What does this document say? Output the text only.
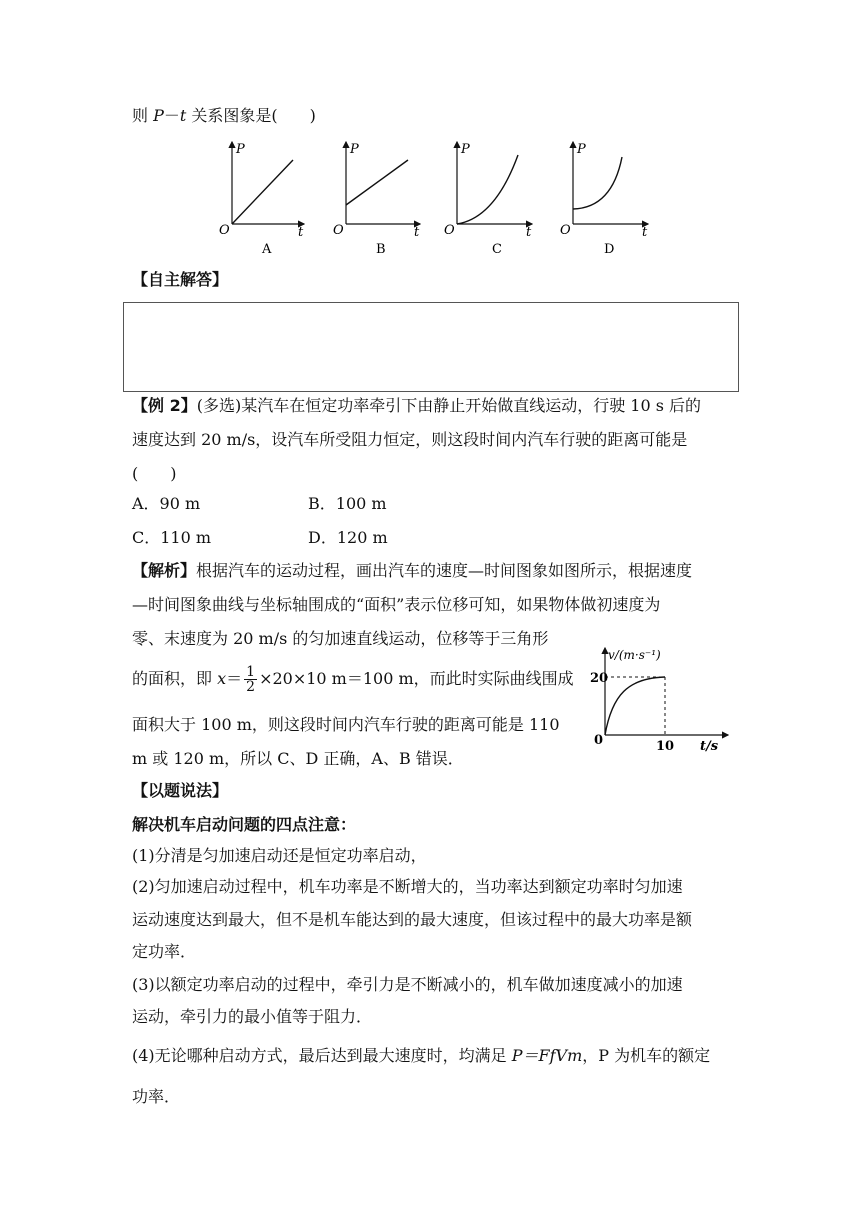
则 P－t 关系图象是(　　)
P
t
O
A
P
t
O
B
P
t
O
C
P
t
O
D
【自主解答】
【例 2】(多选)某汽车在恒定功率牵引下由静止开始做直线运动，行驶 10 s 后的
速度达到 20 m/s，设汽车所受阻力恒定，则这段时间内汽车行驶的距离可能是
(　　)
A．90 m	B．100 m
C．110 m	D．120 m
【解析】根据汽车的运动过程，画出汽车的速度—时间图象如图所示，根据速度
—时间图象曲线与坐标轴围成的“面积”表示位移可知，如果物体做初速度为
零、末速度为 20 m/s 的匀加速直线运动，位移等于三角形
的面积，即 $x= \frac{1}{2} \times 20\times 10$ m＝100 m，而此时实际曲线围成
面积大于 100 m，则这段时间内汽车行驶的距离可能是 110
m 或 120 m，所以 C、D 正确，A、B 错误．
v/(m·s⁻¹)
20
10
0	t/s
【以题说法】
解决机车启动问题的四点注意：
(1)分清是匀加速启动还是恒定功率启动，
(2)匀加速启动过程中，机车功率是不断增大的，当功率达到额定功率时匀加速
运动速度达到最大，但不是机车能达到的最大速度，但该过程中的最大功率是额
定功率．
(3)以额定功率启动的过程中，牵引力是不断减小的，机车做加速度减小的加速
运动，牵引力的最小值等于阻力．
(4)无论哪种启动方式，最后达到最大速度时，均满足 P＝FfVm，P 为机车的额定
功率．
